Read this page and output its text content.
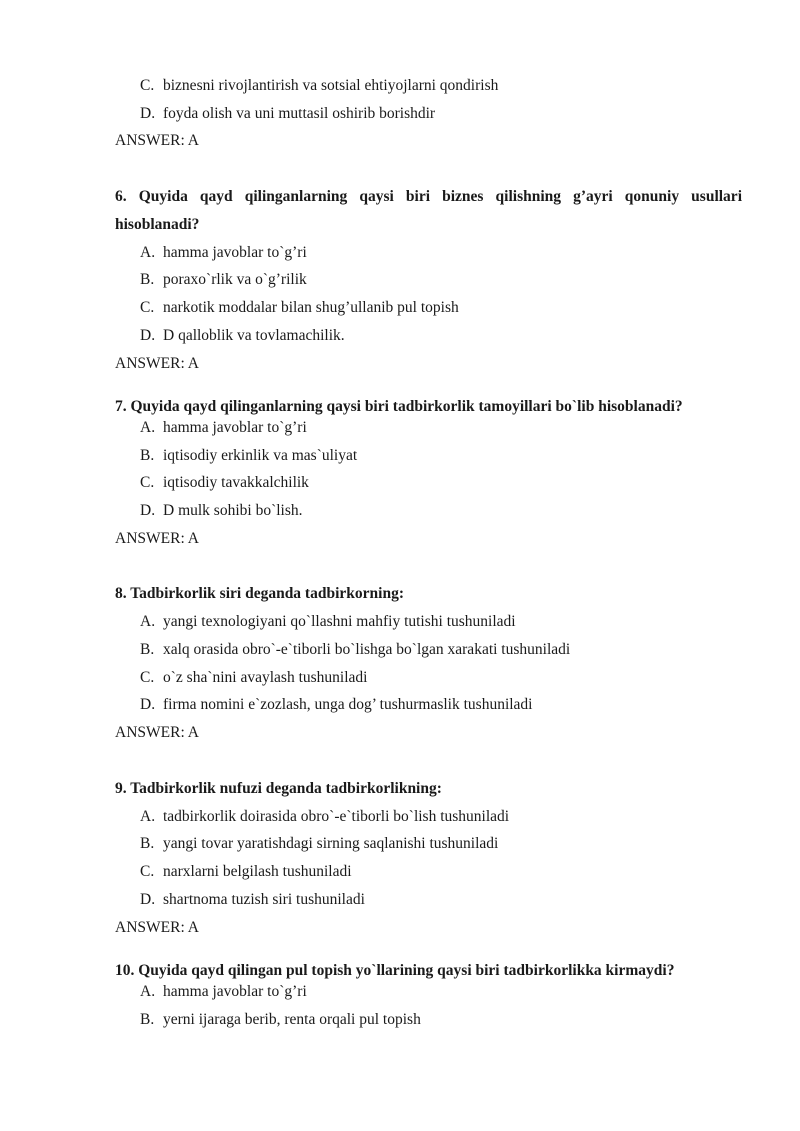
C. biznesni rivojlantirish va sotsial ehtiyojlarni qondirish
D. foyda olish va uni muttasil oshirib borishdir
ANSWER: A
6. Quyida qayd qilinganlarning qaysi biri biznes qilishning g’ayri qonuniy usullari
hisoblanadi?
A. hamma javoblar to`g’ri
B. poraxo`rlik va o`g’rilik
C. narkotik moddalar bilan shug’ullanib pul topish
D. D qalloblik va tovlamachilik.
ANSWER: A
7. Quyida qayd qilinganlarning qaysi biri tadbirkorlik tamoyillari bo`lib hisoblanadi?
A. hamma javoblar to`g’ri
B. iqtisodiy erkinlik va mas`uliyat
C. iqtisodiy tavakkalchilik
D. D mulk sohibi bo`lish.
ANSWER: A
8. Tadbirkorlik siri deganda tadbirkorning:
A. yangi texnologiyani qo`llashni mahfiy tutishi tushuniladi
B. xalq orasida obro`-e`tiborli bo`lishga bo`lgan xarakati tushuniladi
C. o`z sha`nini avaylash tushuniladi
D. firma nomini e`zozlash, unga dog’ tushurmaslik tushuniladi
ANSWER: A
9. Tadbirkorlik nufuzi deganda tadbirkorlikning:
A. tadbirkorlik doirasida obro`-e`tiborli bo`lish tushuniladi
B. yangi tovar yaratishdagi sirning saqlanishi tushuniladi
C. narxlarni belgilash tushuniladi
D. shartnoma tuzish siri tushuniladi
ANSWER: A
10. Quyida qayd qilingan pul topish yo`llarining qaysi biri tadbirkorlikka kirmaydi?
A. hamma javoblar to`g’ri
B. yerni ijaraga berib, renta orqali pul topish
